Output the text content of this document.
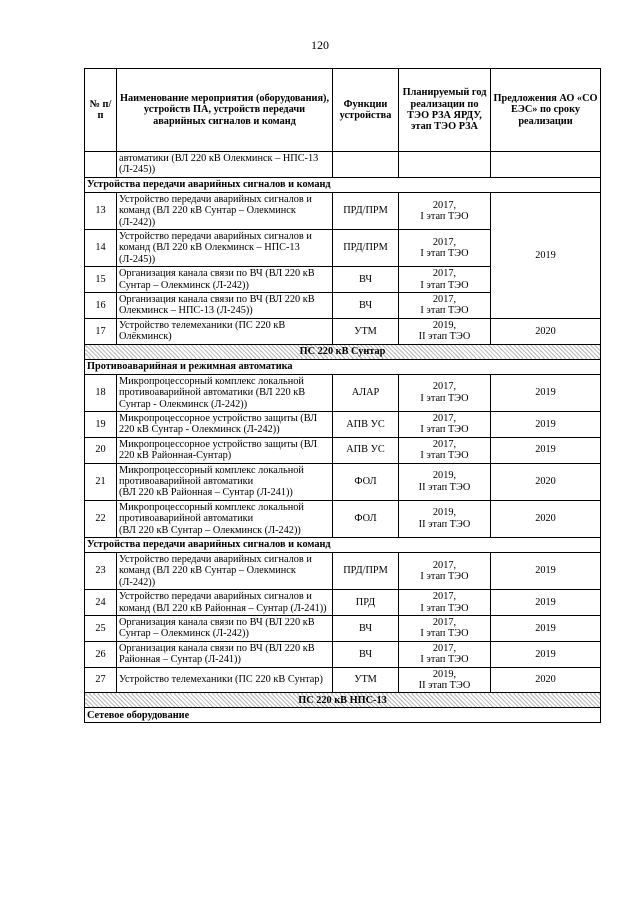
120
№ п/п	Наименование мероприятия (оборудования), устройств ПА, устройств передачи аварийных сигналов и команд	Функции устройства	Планируемый год реализации по ТЭО РЗА ЯРДУ, этап ТЭО РЗА	Предложения АО «СО ЕЭС» по сроку реализации
	автоматики (ВЛ 220 кВ Олекминск – НПС-13 (Л-245))			
Устройства передачи аварийных сигналов и команд				
13	Устройство передачи аварийных сигналов и команд (ВЛ 220 кВ Сунтар – Олекминск (Л-242))	ПРД/ПРМ	2017,
I этап ТЭО	2019
14	Устройство передачи аварийных сигналов и команд (ВЛ 220 кВ Олекминск – НПС-13 (Л-245))	ПРД/ПРМ	2017,
I этап ТЭО	
15	Организация канала связи по ВЧ (ВЛ 220 кВ Сунтар – Олекминск (Л-242))	ВЧ	2017,
I этап ТЭО	
16	Организация канала связи по ВЧ (ВЛ 220 кВ Олекминск – НПС-13 (Л-245))	ВЧ	2017,
I этап ТЭО	
17	Устройство телемеханики (ПС 220 кВ Олёкминск)	УТМ	2019,
II этап ТЭО	2020
ПС 220 кВ Сунтар				
Противоаварийная и режимная автоматика				
18	Микропроцессорный комплекс локальной противоаварийной автоматики (ВЛ 220 кВ Сунтар - Олекминск (Л-242))	АЛАР	2017,
I этап ТЭО	2019
19	Микропроцессорное устройство защиты (ВЛ 220 кВ Сунтар - Олекминск (Л-242))	АПВ УС	2017,
I этап ТЭО	2019
20	Микропроцессорное устройство защиты (ВЛ 220 кВ Районная-Сунтар)	АПВ УС	2017,
I этап ТЭО	2019
21	Микропроцессорный комплекс локальной противоаварийной автоматики
(ВЛ 220 кВ Районная – Сунтар (Л-241))	ФОЛ	2019,
II этап ТЭО	2020
22	Микропроцессорный комплекс локальной противоаварийной автоматики
(ВЛ 220 кВ Сунтар – Олекминск (Л-242))	ФОЛ	2019,
II этап ТЭО	2020
Устройства передачи аварийных сигналов и команд				
23	Устройство передачи аварийных сигналов и команд (ВЛ 220 кВ Сунтар – Олекминск (Л-242))	ПРД/ПРМ	2017,
I этап ТЭО	2019
24	Устройство передачи аварийных сигналов и команд (ВЛ 220 кВ Районная – Сунтар (Л-241))	ПРД	2017,
I этап ТЭО	2019
25	Организация канала связи по ВЧ (ВЛ 220 кВ Сунтар – Олекминск (Л-242))	ВЧ	2017,
I этап ТЭО	2019
26	Организация канала связи по ВЧ (ВЛ 220 кВ Районная – Сунтар (Л-241))	ВЧ	2017,
I этап ТЭО	2019
27	Устройство телемеханики (ПС 220 кВ Сунтар)	УТМ	2019,
II этап ТЭО	2020
ПС 220 кВ НПС-13				
Сетевое оборудование				
